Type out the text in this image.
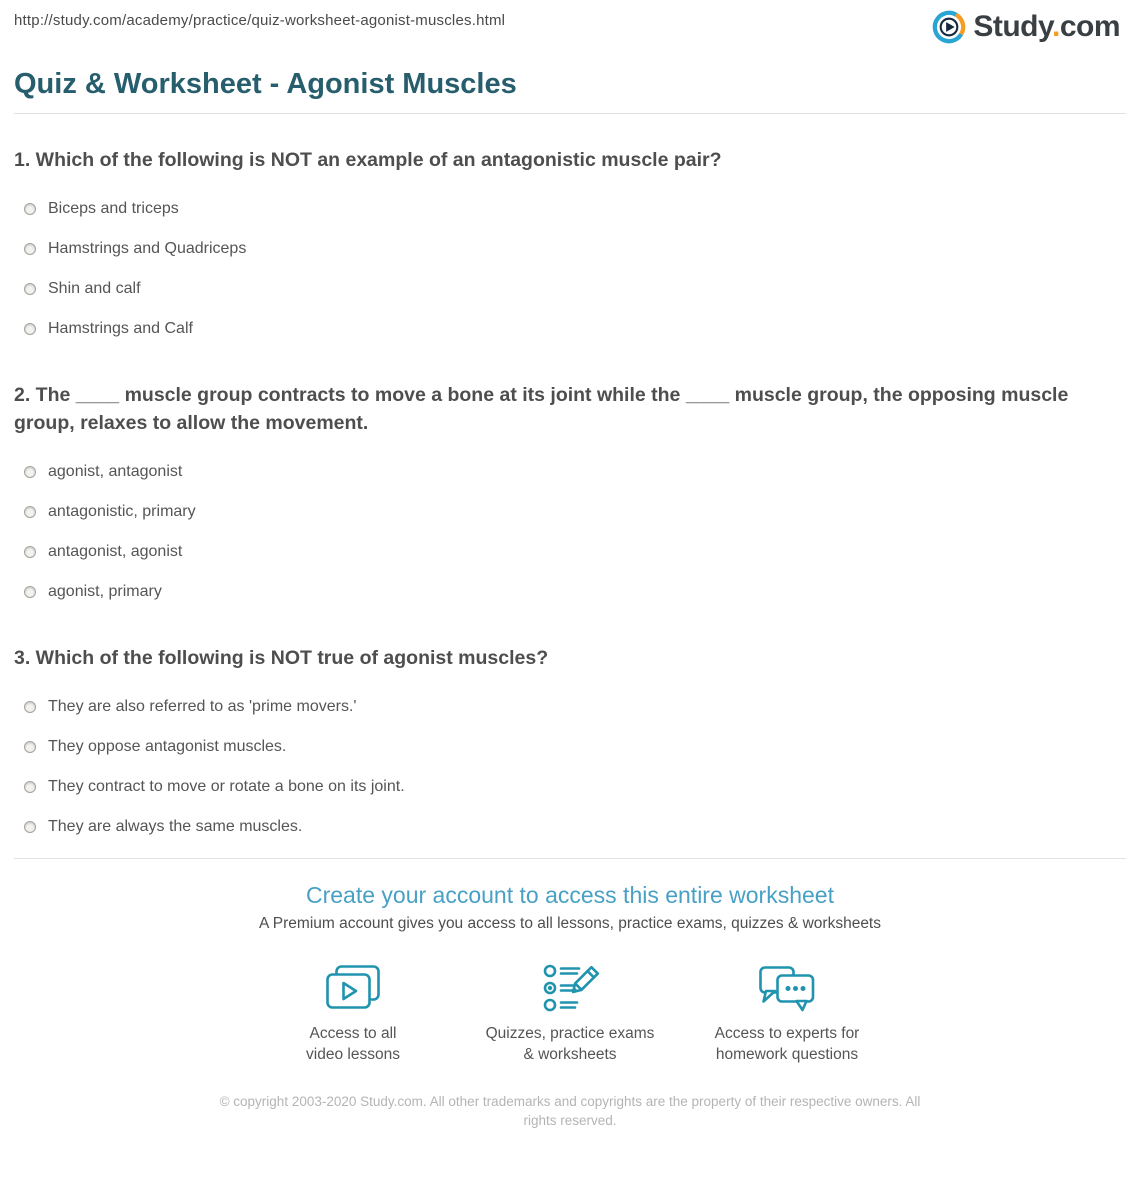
http://study.com/academy/practice/quiz-worksheet-agonist-muscles.html	Study.com
Quiz & Worksheet - Agonist Muscles
1. Which of the following is NOT an example of an antagonistic muscle pair?
Biceps and triceps
Hamstrings and Quadriceps
Shin and calf
Hamstrings and Calf
2. The ____ muscle group contracts to move a bone at its joint while the ____ muscle group, the opposing muscle group, relaxes to allow the movement.
agonist, antagonist
antagonistic, primary
antagonist, agonist
agonist, primary
3. Which of the following is NOT true of agonist muscles?
They are also referred to as 'prime movers.'
They oppose antagonist muscles.
They contract to move or rotate a bone on its joint.
They are always the same muscles.
Create your account to access this entire worksheet

A Premium account gives you access to all lessons, practice exams, quizzes & worksheets

Access to all
video lessons
Quizzes, practice exams
& worksheets
Access to experts for
homework questions

© copyright 2003-2020 Study.com. All other trademarks and copyrights are the property of their respective owners. All rights reserved.
